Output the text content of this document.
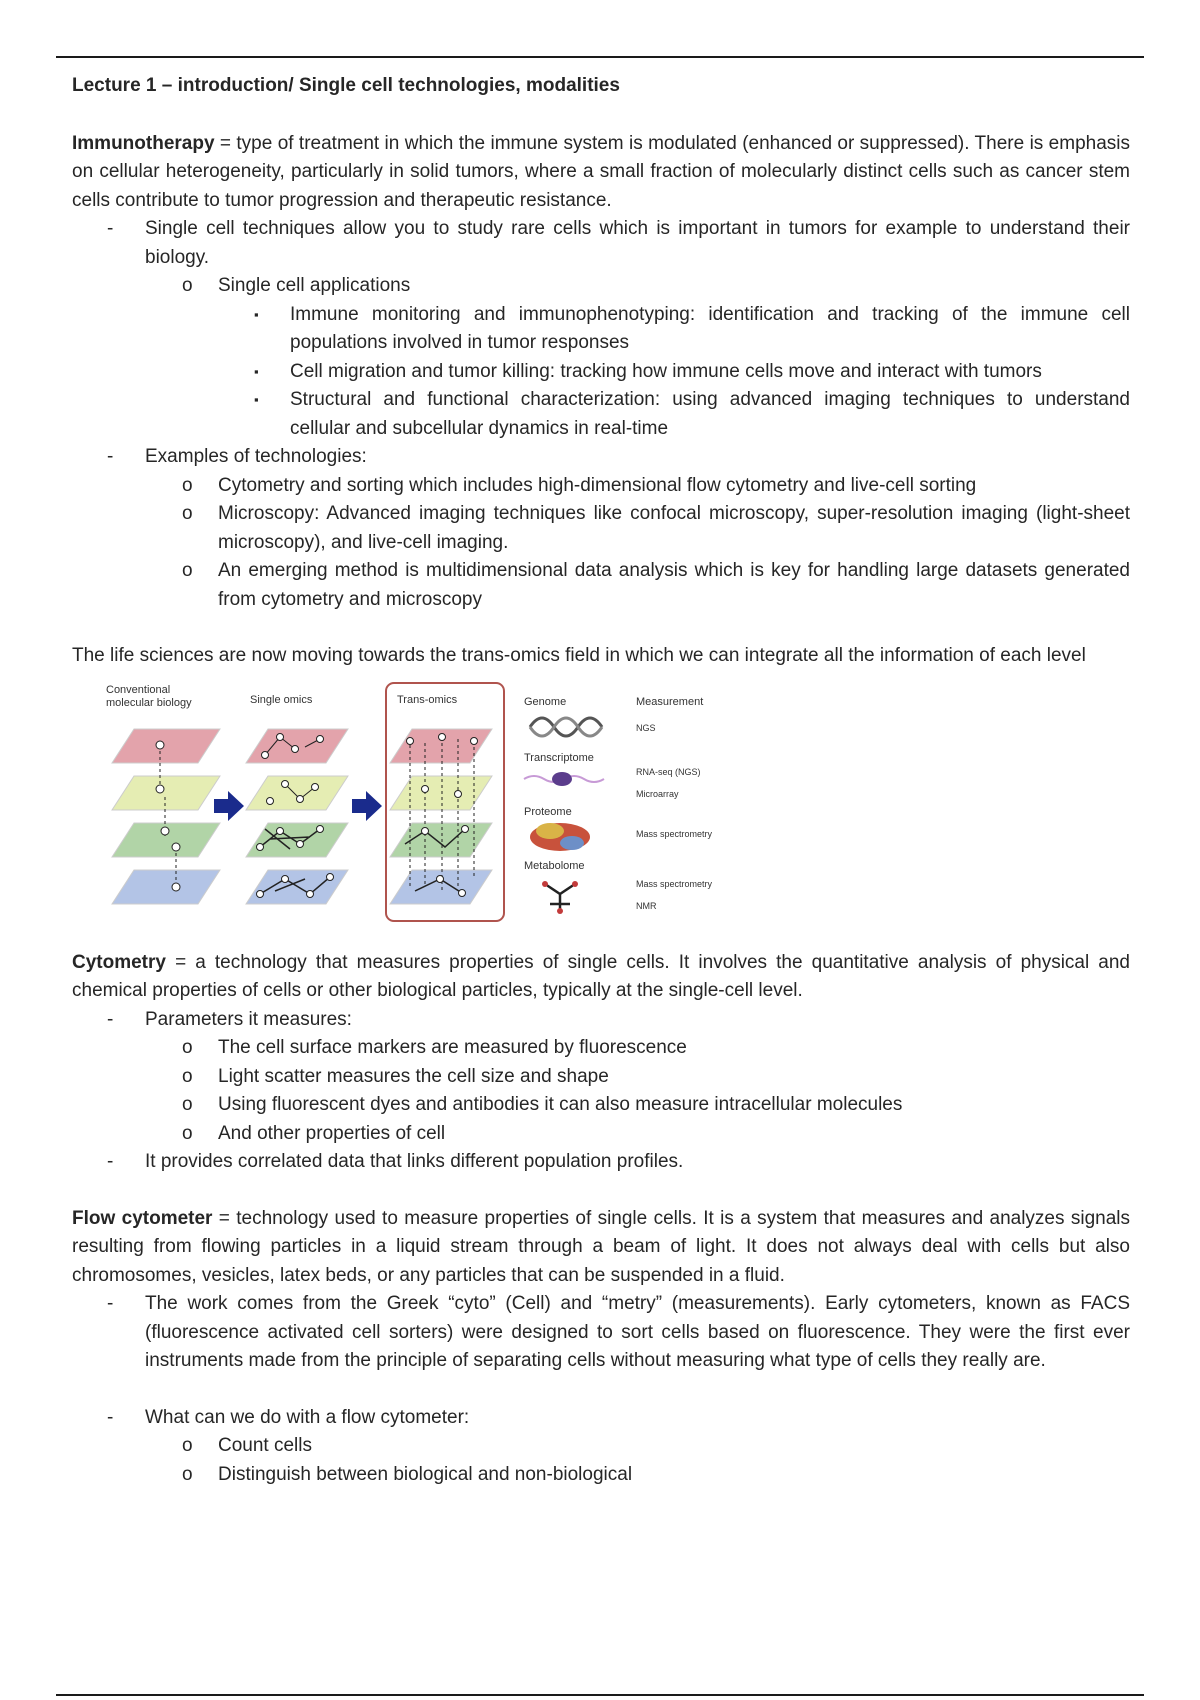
Lecture 1 – introduction/ Single cell technologies, modalities

Immunotherapy = type of treatment in which the immune system is modulated (enhanced or suppressed). There is emphasis on cellular heterogeneity, particularly in solid tumors, where a small fraction of molecularly distinct cells such as cancer stem cells contribute to tumor progression and therapeutic resistance.

- Single cell techniques allow you to study rare cells which is important in tumors for example to understand their biology.
o Single cell applications
▪ Immune monitoring and immunophenotyping: identification and tracking of the immune cell populations involved in tumor responses
▪ Cell migration and tumor killing: tracking how immune cells move and interact with tumors
▪ Structural and functional characterization: using advanced imaging techniques to understand cellular and subcellular dynamics in real-time
- Examples of technologies:
o Cytometry and sorting which includes high-dimensional flow cytometry and live-cell sorting
o Microscopy: Advanced imaging techniques like confocal microscopy, super-resolution imaging (light-sheet microscopy), and live-cell imaging.
o An emerging method is multidimensional data analysis which is key for handling large datasets generated from cytometry and microscopy

The life sciences are now moving towards the trans-omics field in which we can integrate all the information of each level

Conventional
molecular biology	Single omics	Trans-omics	Genome
Transcriptome
Proteome
Metabolome
Measurement
NGS
RNA-seq (NGS)
Microarray
Mass spectrometry
Mass spectrometry
NMR

Cytometry = a technology that measures properties of single cells. It involves the quantitative analysis of physical and chemical properties of cells or other biological particles, typically at the single-cell level.

- Parameters it measures:
o The cell surface markers are measured by fluorescence
o Light scatter measures the cell size and shape
o Using fluorescent dyes and antibodies it can also measure intracellular molecules
o And other properties of cell
- It provides correlated data that links different population profiles.

Flow cytometer = technology used to measure properties of single cells. It is a system that measures and analyzes signals resulting from flowing particles in a liquid stream through a beam of light. It does not always deal with cells but also chromosomes, vesicles, latex beds, or any particles that can be suspended in a fluid.

- The work comes from the Greek “cyto” (Cell) and “metry” (measurements). Early cytometers, known as FACS (fluorescence activated cell sorters) were designed to sort cells based on fluorescence. They were the first ever instruments made from the principle of separating cells without measuring what type of cells they really are.
- What can we do with a flow cytometer:
o Count cells
o Distinguish between biological and non-biological
